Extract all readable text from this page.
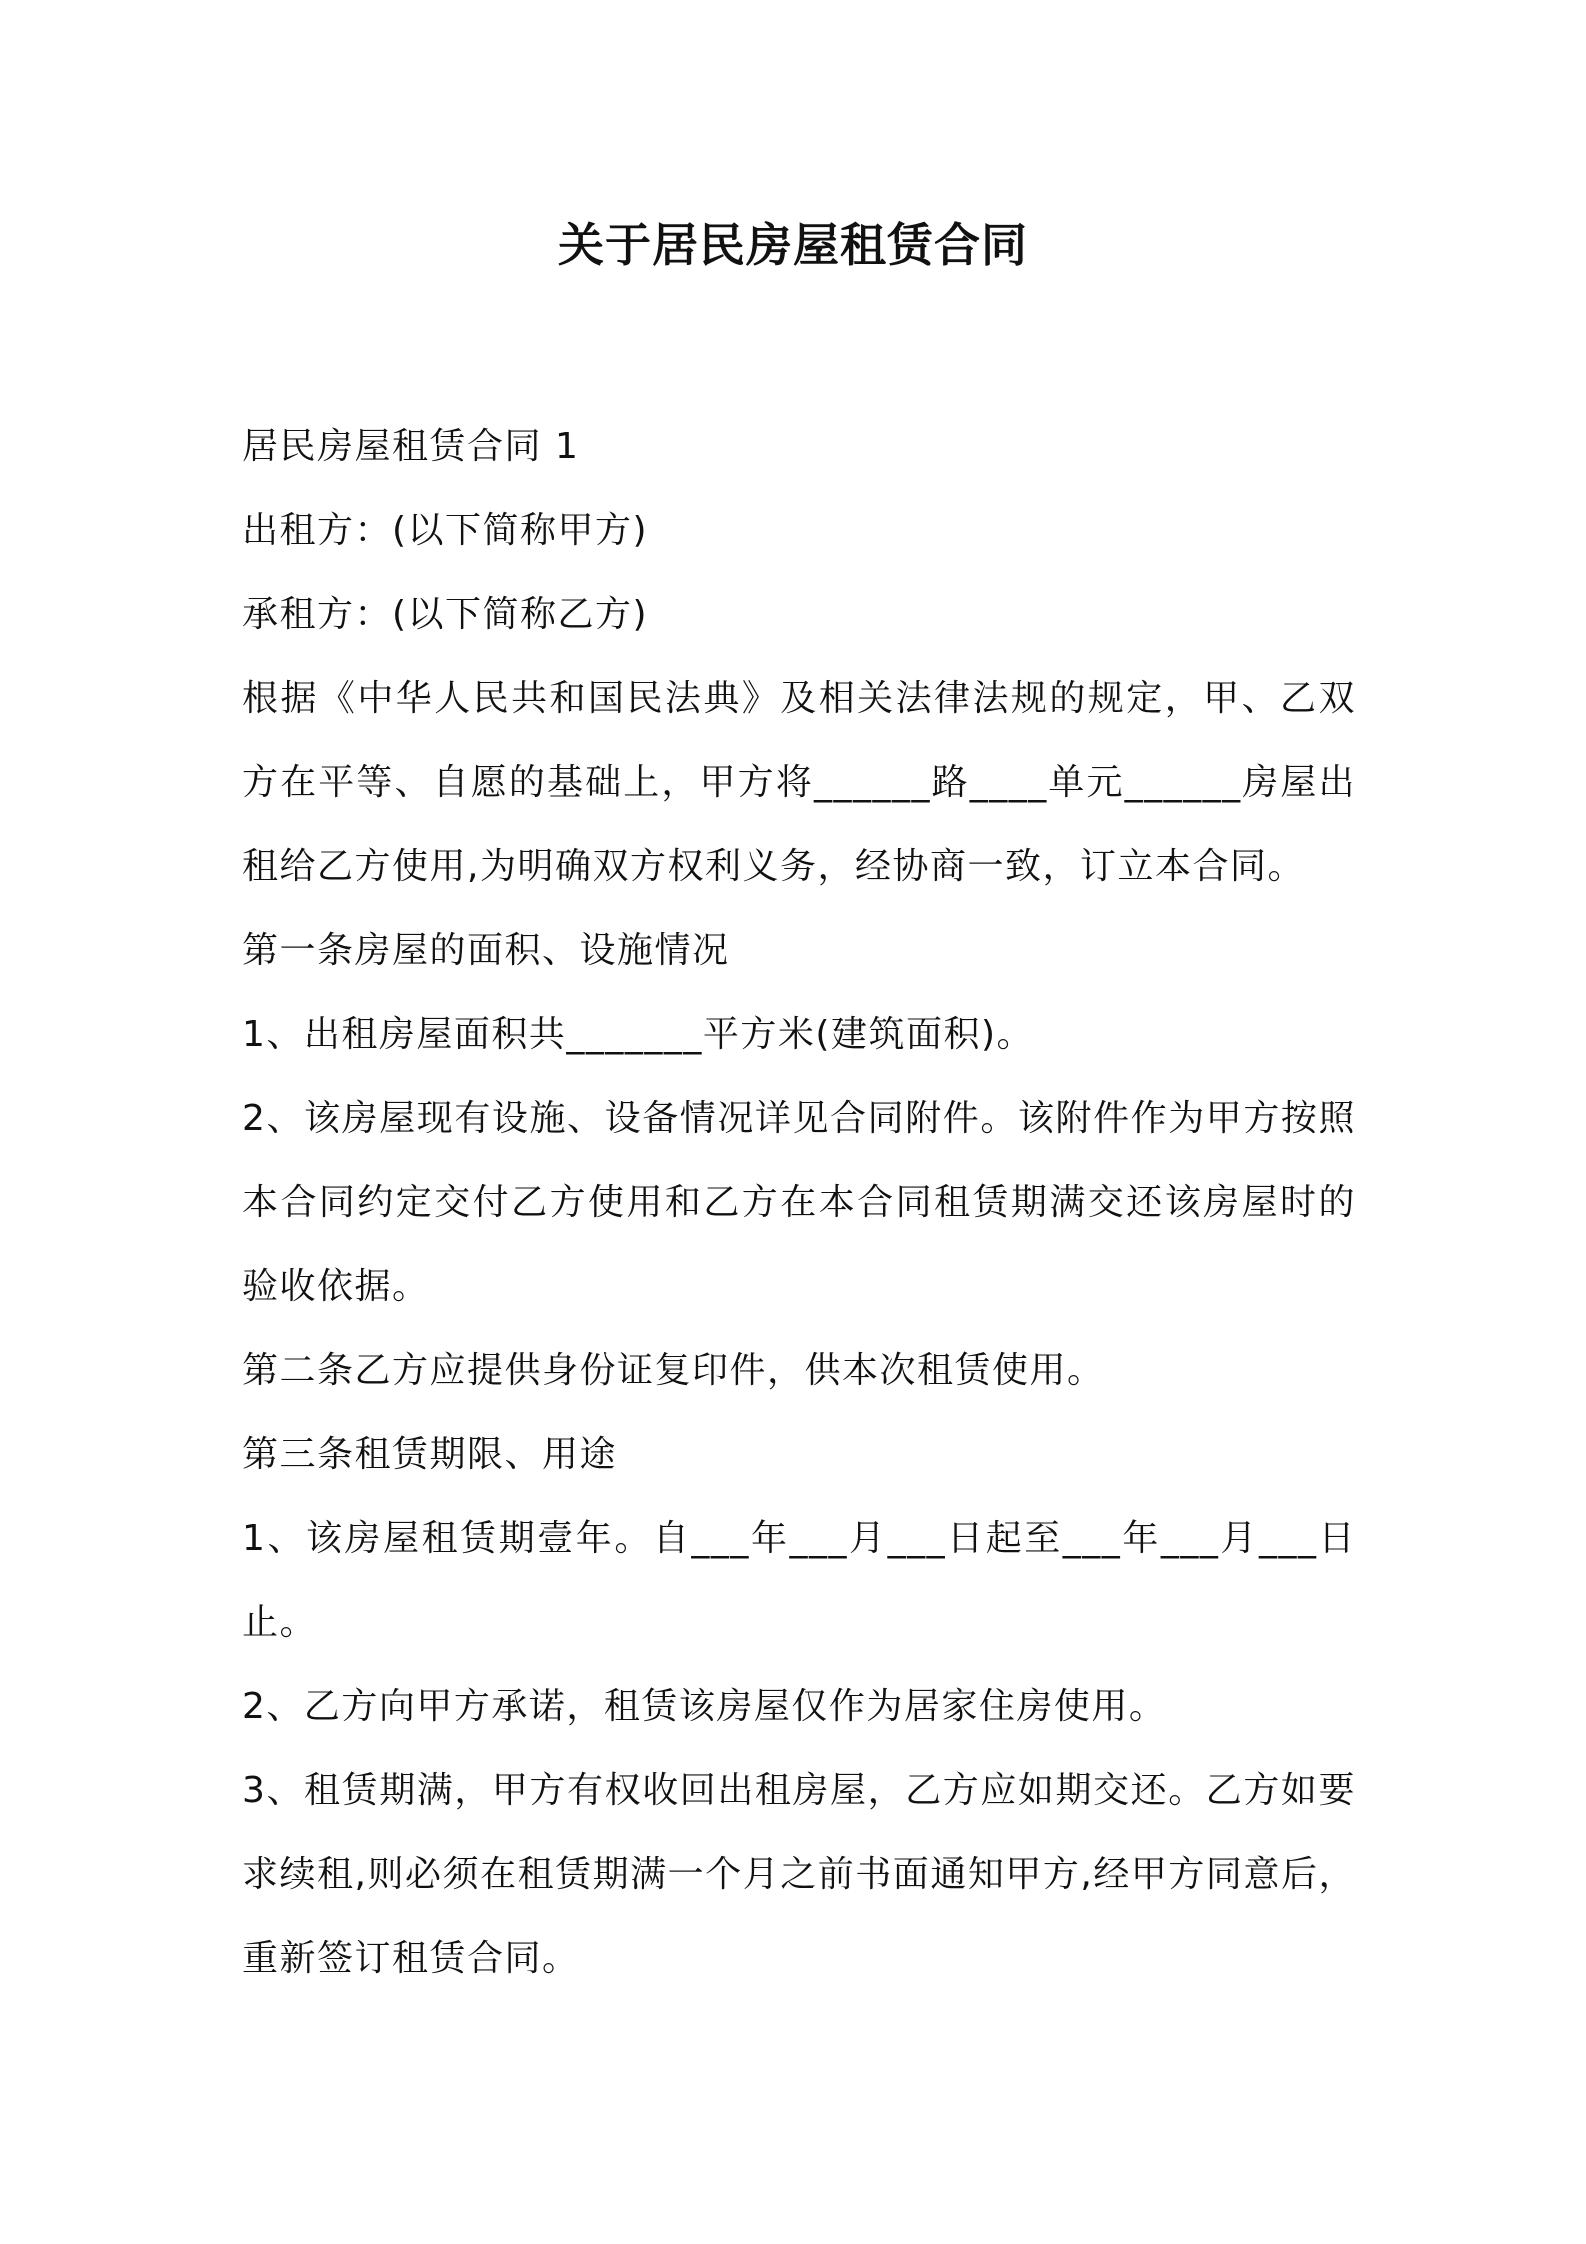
关于居民房屋租赁合同

居民房屋租赁合同 1

出租方：(以下简称甲方)

承租方：(以下简称乙方)

根据《中华人民共和国民法典》及相关法律法规的规定，甲、乙双方在平等、自愿的基础上，甲方将______路____单元______房屋出租给乙方使用,为明确双方权利义务，经协商一致，订立本合同。

第一条房屋的面积、设施情况

1、出租房屋面积共_______平方米(建筑面积)。

2、该房屋现有设施、设备情况详见合同附件。该附件作为甲方按照本合同约定交付乙方使用和乙方在本合同租赁期满交还该房屋时的验收依据。

第二条乙方应提供身份证复印件，供本次租赁使用。

第三条租赁期限、用途

1、该房屋租赁期壹年。自___年___月___日起至___年___月___日止。

2、乙方向甲方承诺，租赁该房屋仅作为居家住房使用。

3、租赁期满，甲方有权收回出租房屋，乙方应如期交还。乙方如要求续租,则必须在租赁期满一个月之前书面通知甲方,经甲方同意后，重新签订租赁合同。
